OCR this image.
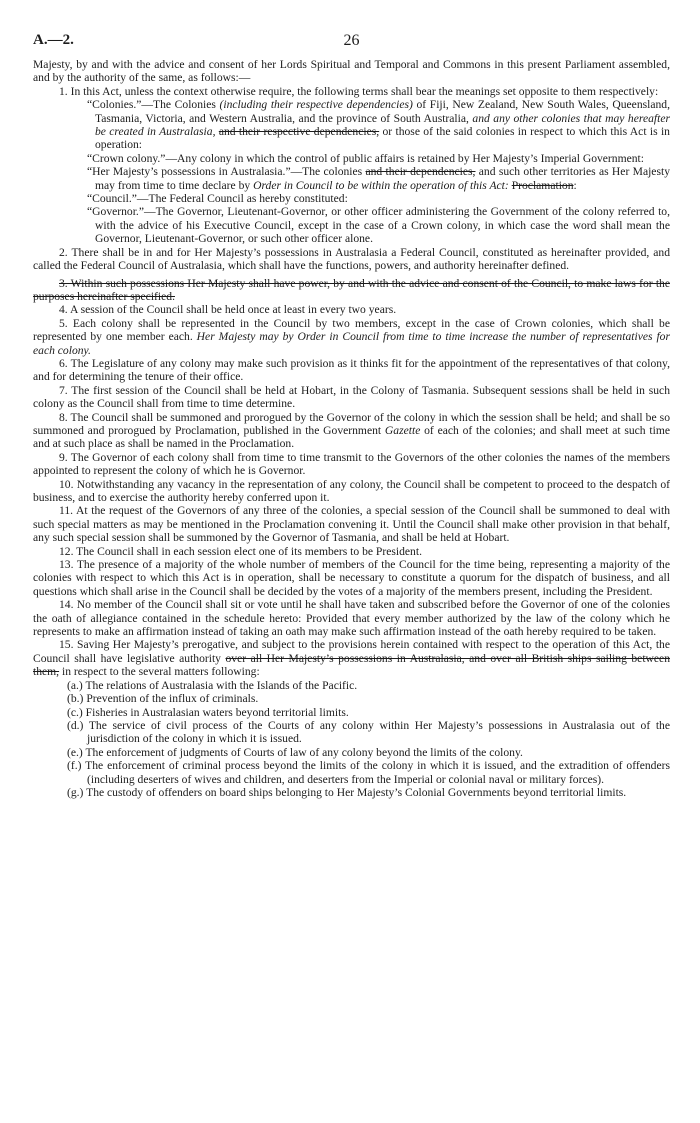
A.—2.	26

Majesty, by and with the advice and consent of her Lords Spiritual and Temporal and Commons in this present Parliament assembled, and by the authority of the same, as follows:—

1. In this Act, unless the context otherwise require, the following terms shall bear the meanings set opposite to them respectively:

“Colonies.”—The Colonies (including their respective dependencies) of Fiji, New Zealand, New South Wales, Queensland, Tasmania, Victoria, and Western Australia, and the province of South Australia, and any other colonies that may hereafter be created in Australasia, and their respective dependencies, or those of the said colonies in respect to which this Act is in operation:

“Crown colony.”—Any colony in which the control of public affairs is retained by Her Majesty’s Imperial Government:

“Her Majesty’s possessions in Australasia.”—The colonies and their dependencies, and such other territories as Her Majesty may from time to time declare by Order in Council to be within the operation of this Act: Proclamation:

“Council.”—The Federal Council as hereby constituted:

“Governor.”—The Governor, Lieutenant-Governor, or other officer administering the Government of the colony referred to, with the advice of his Executive Council, except in the case of a Crown colony, in which case the word shall mean the Governor, Lieutenant-Governor, or such other officer alone.

2. There shall be in and for Her Majesty’s possessions in Australasia a Federal Council, constituted as hereinafter provided, and called the Federal Council of Australasia, which shall have the functions, powers, and authority hereinafter defined.

3. Within such possessions Her Majesty shall have power, by and with the advice and consent of the Council, to make laws for the purposes hereinafter specified.

4. A session of the Council shall be held once at least in every two years.

5. Each colony shall be represented in the Council by two members, except in the case of Crown colonies, which shall be represented by one member each. Her Majesty may by Order in Council from time to time increase the number of representatives for each colony.

6. The Legislature of any colony may make such provision as it thinks fit for the appointment of the representatives of that colony, and for determining the tenure of their office.

7. The first session of the Council shall be held at Hobart, in the Colony of Tasmania. Subsequent sessions shall be held in such colony as the Council shall from time to time determine.

8. The Council shall be summoned and prorogued by the Governor of the colony in which the session shall be held; and shall be so summoned and prorogued by Proclamation, published in the Government Gazette of each of the colonies; and shall meet at such time and at such place as shall be named in the Proclamation.

9. The Governor of each colony shall from time to time transmit to the Governors of the other colonies the names of the members appointed to represent the colony of which he is Governor.

10. Notwithstanding any vacancy in the representation of any colony, the Council shall be competent to proceed to the despatch of business, and to exercise the authority hereby conferred upon it.

11. At the request of the Governors of any three of the colonies, a special session of the Council shall be summoned to deal with such special matters as may be mentioned in the Proclamation convening it. Until the Council shall make other provision in that behalf, any such special session shall be summoned by the Governor of Tasmania, and shall be held at Hobart.

12. The Council shall in each session elect one of its members to be President.

13. The presence of a majority of the whole number of members of the Council for the time being, representing a majority of the colonies with respect to which this Act is in operation, shall be necessary to constitute a quorum for the dispatch of business, and all questions which shall arise in the Council shall be decided by the votes of a majority of the members present, including the President.

14. No member of the Council shall sit or vote until he shall have taken and subscribed before the Governor of one of the colonies the oath of allegiance contained in the schedule hereto: Provided that every member authorized by the law of the colony which he represents to make an affirmation instead of taking an oath may make such affirmation instead of the oath hereby required to be taken.

15. Saving Her Majesty’s prerogative, and subject to the provisions herein contained with respect to the operation of this Act, the Council shall have legislative authority over all Her Majesty’s possessions in Australasia, and over all British ships sailing between them, in respect to the several matters following:

(a.) The relations of Australasia with the Islands of the Pacific.

(b.) Prevention of the influx of criminals.

(c.) Fisheries in Australasian waters beyond territorial limits.

(d.) The service of civil process of the Courts of any colony within Her Majesty’s possessions in Australasia out of the jurisdiction of the colony in which it is issued.

(e.) The enforcement of judgments of Courts of law of any colony beyond the limits of the colony.

(f.) The enforcement of criminal process beyond the limits of the colony in which it is issued, and the extradition of offenders (including deserters of wives and children, and deserters from the Imperial or colonial naval or military forces).

(g.) The custody of offenders on board ships belonging to Her Majesty’s Colonial Governments beyond territorial limits.
